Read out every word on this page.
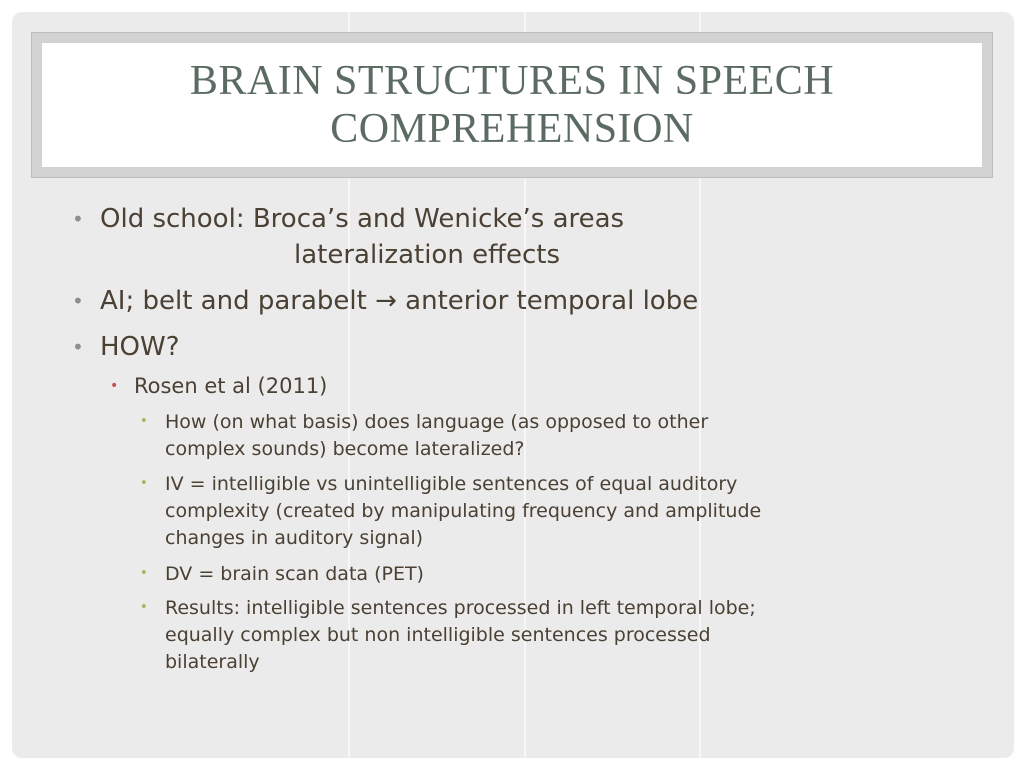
BRAIN STRUCTURES IN SPEECH COMPREHENSION
• Old school: Broca’s and Wenicke’s areas
lateralization effects
• AI; belt and parabelt → anterior temporal lobe
• HOW?
• Rosen et al (2011)
• How (on what basis) does language (as opposed to other
complex sounds) become lateralized?
• IV = intelligible vs unintelligible sentences of equal auditory
complexity (created by manipulating frequency and amplitude
changes in auditory signal)
• DV = brain scan data (PET)
• Results: intelligible sentences processed in left temporal lobe;
equally complex but non intelligible sentences processed
bilaterally
